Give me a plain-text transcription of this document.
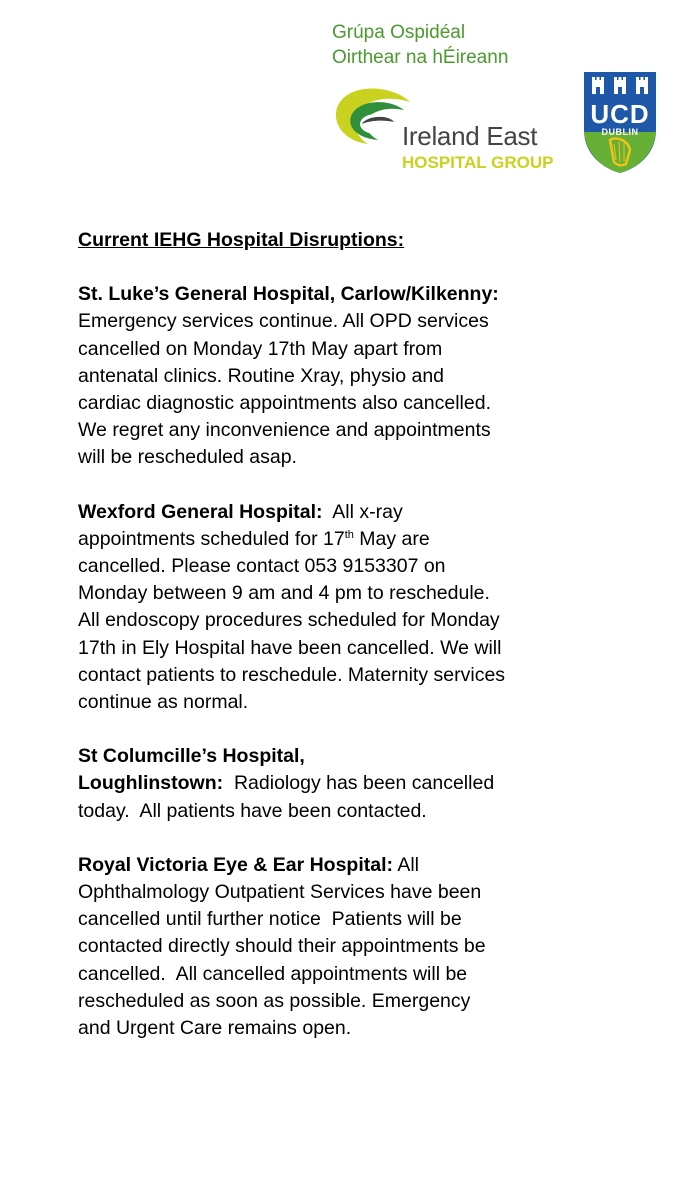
Grúpa Ospidéal
Oirthear na hÉireann
Ireland East
HOSPITAL GROUP
UCD
DUBLIN
Current IEHG Hospital Disruptions:

St. Luke’s General Hospital, Carlow/Kilkenny:

Emergency services continue. All OPD services

cancelled on Monday 17th May apart from

antenatal clinics. Routine Xray, physio and

cardiac diagnostic appointments also cancelled.

We regret any inconvenience and appointments

will be rescheduled asap.

Wexford General Hospital:  All x-ray

appointments scheduled for 17th May are

cancelled. Please contact 053 9153307 on

Monday between 9 am and 4 pm to reschedule.

All endoscopy procedures scheduled for Monday

17th in Ely Hospital have been cancelled. We will

contact patients to reschedule. Maternity services

continue as normal.

St Columcille’s Hospital,

Loughlinstown:  Radiology has been cancelled

today.  All patients have been contacted.

Royal Victoria Eye & Ear Hospital: All

Ophthalmology Outpatient Services have been

cancelled until further notice  Patients will be

contacted directly should their appointments be

cancelled.  All cancelled appointments will be

rescheduled as soon as possible. Emergency

and Urgent Care remains open.
